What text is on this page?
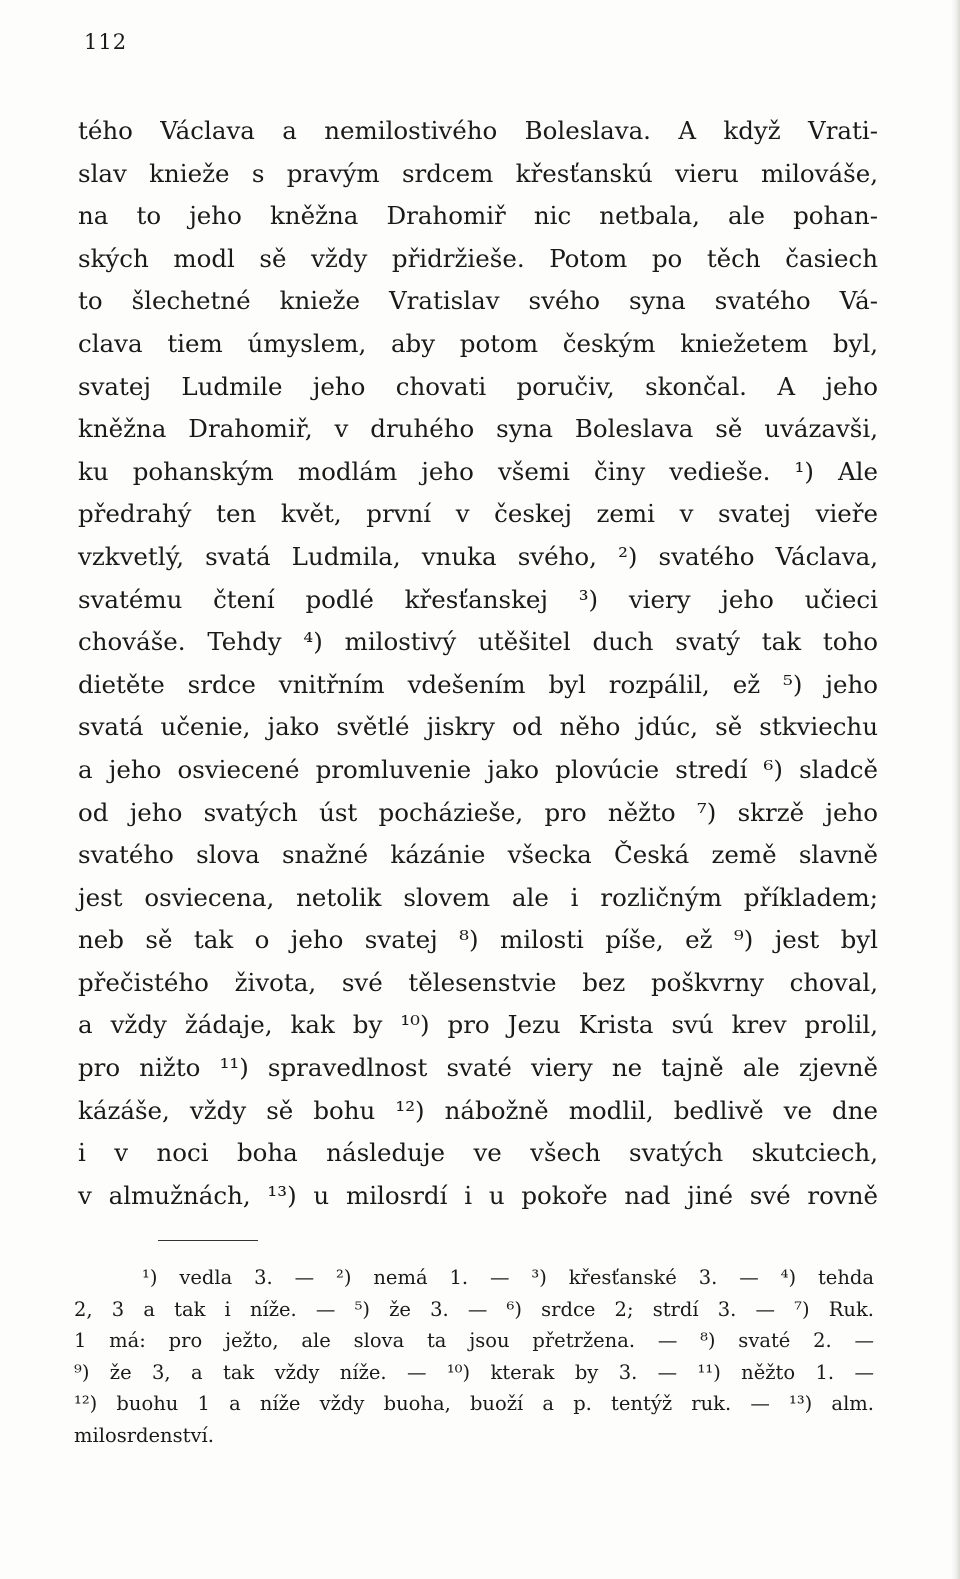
112
tého Václava a nemilostivého Boleslava. A když Vrati-
slav knieže s pravým srdcem křesťanskú vieru milováše,
na to jeho kněžna Drahomiř nic netbala, ale pohan-
ských modl sě vždy přidržieše. Potom po těch časiech
to šlechetné knieže Vratislav svého syna svatého Vá-
clava tiem úmyslem, aby potom českým kniežetem byl,
svatej Ludmile jeho chovati poručiv, skončal. A jeho
kněžna Drahomiř, v druhého syna Boleslava sě uvázavši,
ku pohanským modlám jeho všemi činy vedieše. ¹) Ale
předrahý ten květ, první v českej zemi v svatej vieře
vzkvetlý, svatá Ludmila, vnuka svého, ²) svatého Václava,
svatému čtení podlé křesťanskej ³) viery jeho učieci
chováše. Tehdy ⁴) milostivý utěšitel duch svatý tak toho
dietěte srdce vnitřním vdešením byl rozpálil, ež ⁵) jeho
svatá učenie, jako světlé jiskry od něho jdúc, sě stkviechu
a jeho osviecené promluvenie jako plovúcie stredí ⁶) sladcě
od jeho svatých úst pocházieše, pro něžto ⁷) skrzě jeho
svatého slova snažné kázánie všecka Česká země slavně
jest osviecena, netolik slovem ale i rozličným příkladem;
neb sě tak o jeho svatej ⁸) milosti píše, ež ⁹) jest byl
přečistého života, své tělesenstvie bez poškvrny choval,
a vždy žádaje, kak by ¹⁰) pro Jezu Krista svú krev prolil,
pro nižto ¹¹) spravedlnost svaté viery ne tajně ale zjevně
kázáše, vždy sě bohu ¹²) nábožně modlil, bedlivě ve dne
i v noci boha následuje ve všech svatých skutciech,
v almužnách, ¹³) u milosrdí i u pokoře nad jiné své rovně
¹) vedla 3. — ²) nemá 1. — ³) křesťanské 3. — ⁴) tehda
2, 3 a tak i níže. — ⁵) že 3. — ⁶) srdce 2; strdí 3. — ⁷) Ruk.
1 má: pro ježto, ale slova ta jsou přetržena. — ⁸) svaté 2. —
⁹) že 3, a tak vždy níže. — ¹⁰) kterak by 3. — ¹¹) něžto 1. —
¹²) buohu 1 a níže vždy buoha, buoží a p. tentýž ruk. — ¹³) alm.
milosrdenství.
